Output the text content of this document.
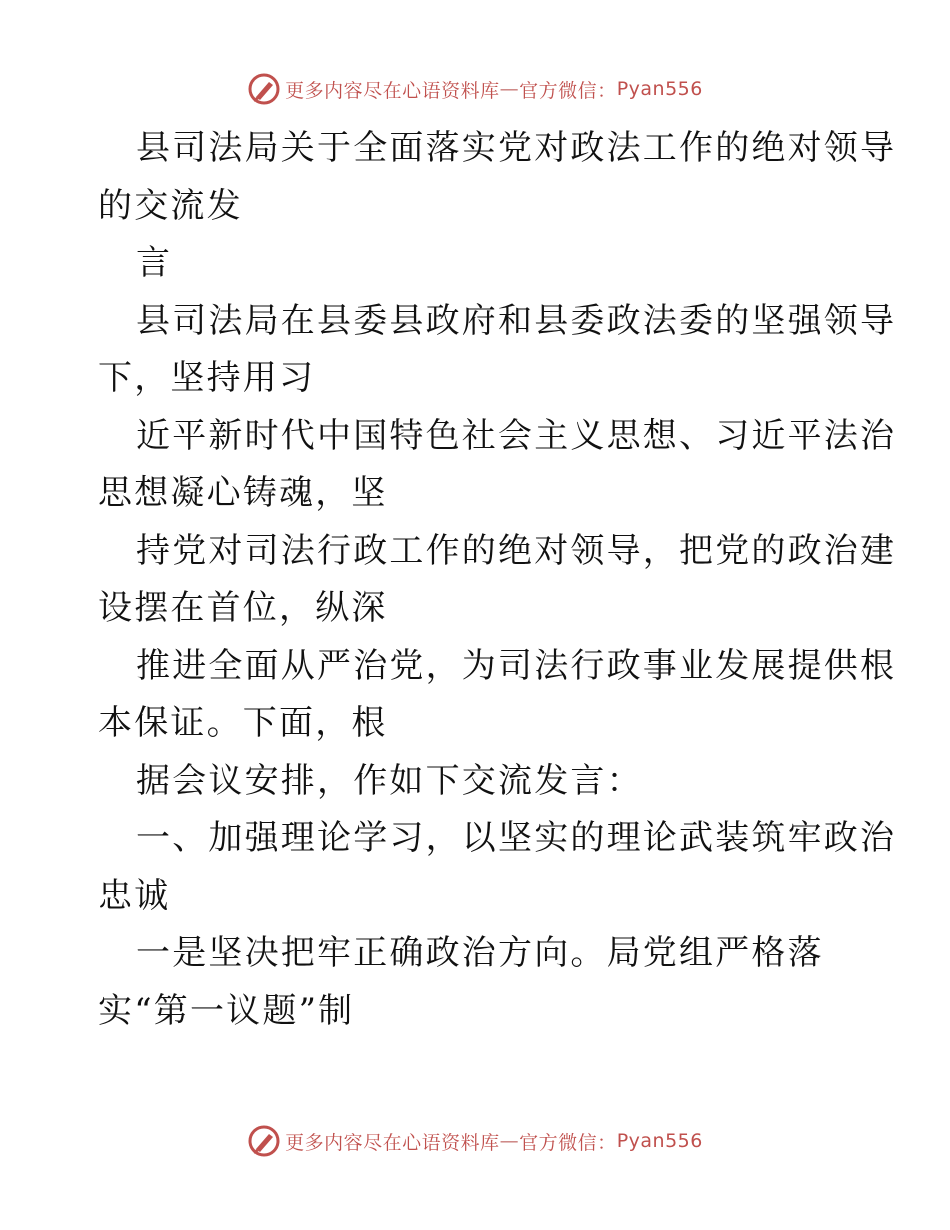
更多内容尽在心语资料库 — 官方微信： Pyan556
县司法局关于全面落实党对政法工作的绝对领导
的交流发
言
县司法局在县委县政府和县委政法委的坚强领导
下，坚持用习
近平新时代中国特色社会主义思想、习近平法治
思想凝心铸魂，坚
持党对司法行政工作的绝对领导，把党的政治建
设摆在首位，纵深
推进全面从严治党，为司法行政事业发展提供根
本保证。下面，根
据会议安排，作如下交流发言：
一、加强理论学习，以坚实的理论武装筑牢政治
忠诚
一是坚决把牢正确政治方向。局党组严格落
实“第一议题”制
更多内容尽在心语资料库 — 官方微信： Pyan556
